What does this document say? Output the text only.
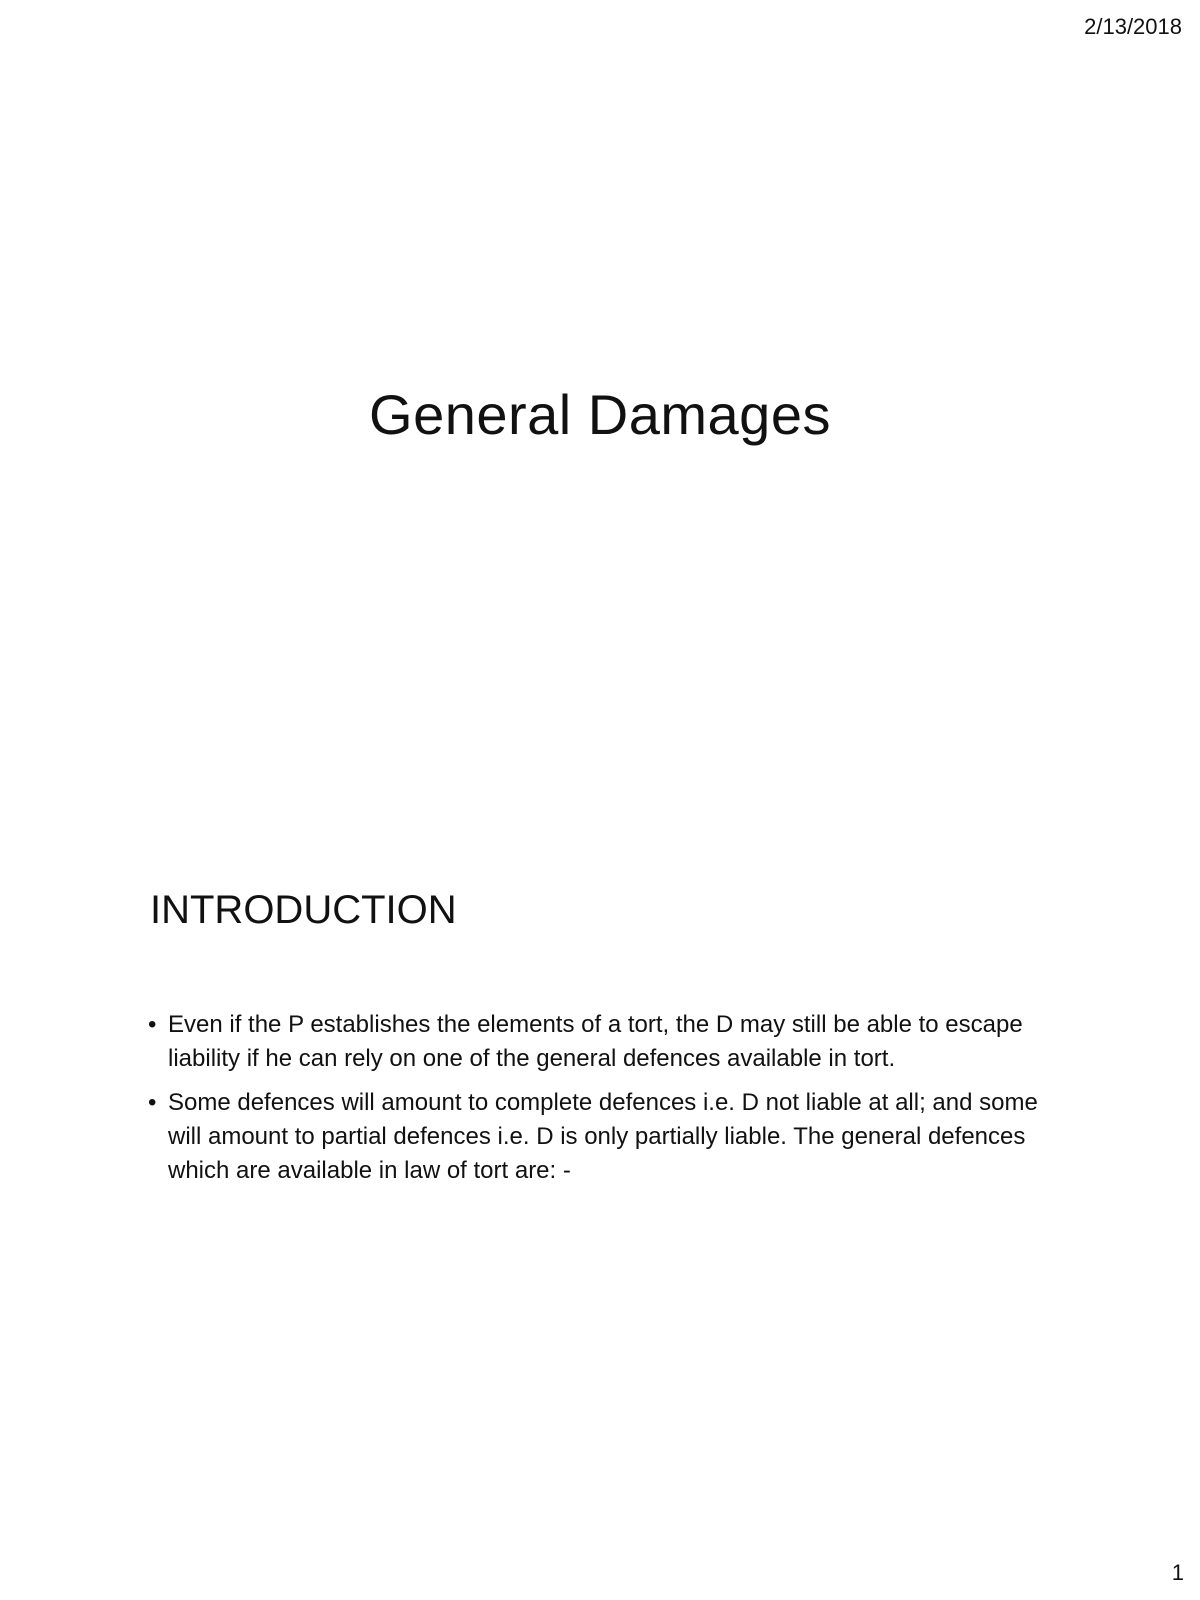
2/13/2018
General Damages
INTRODUCTION
• Even if the P establishes the elements of a tort, the D may still be able to escape liability if he can rely on one of the general defences available in tort.
• Some defences will amount to complete defences i.e. D not liable at all; and some will amount to partial defences i.e. D is only partially liable. The general defences which are available in law of tort are: -
1
